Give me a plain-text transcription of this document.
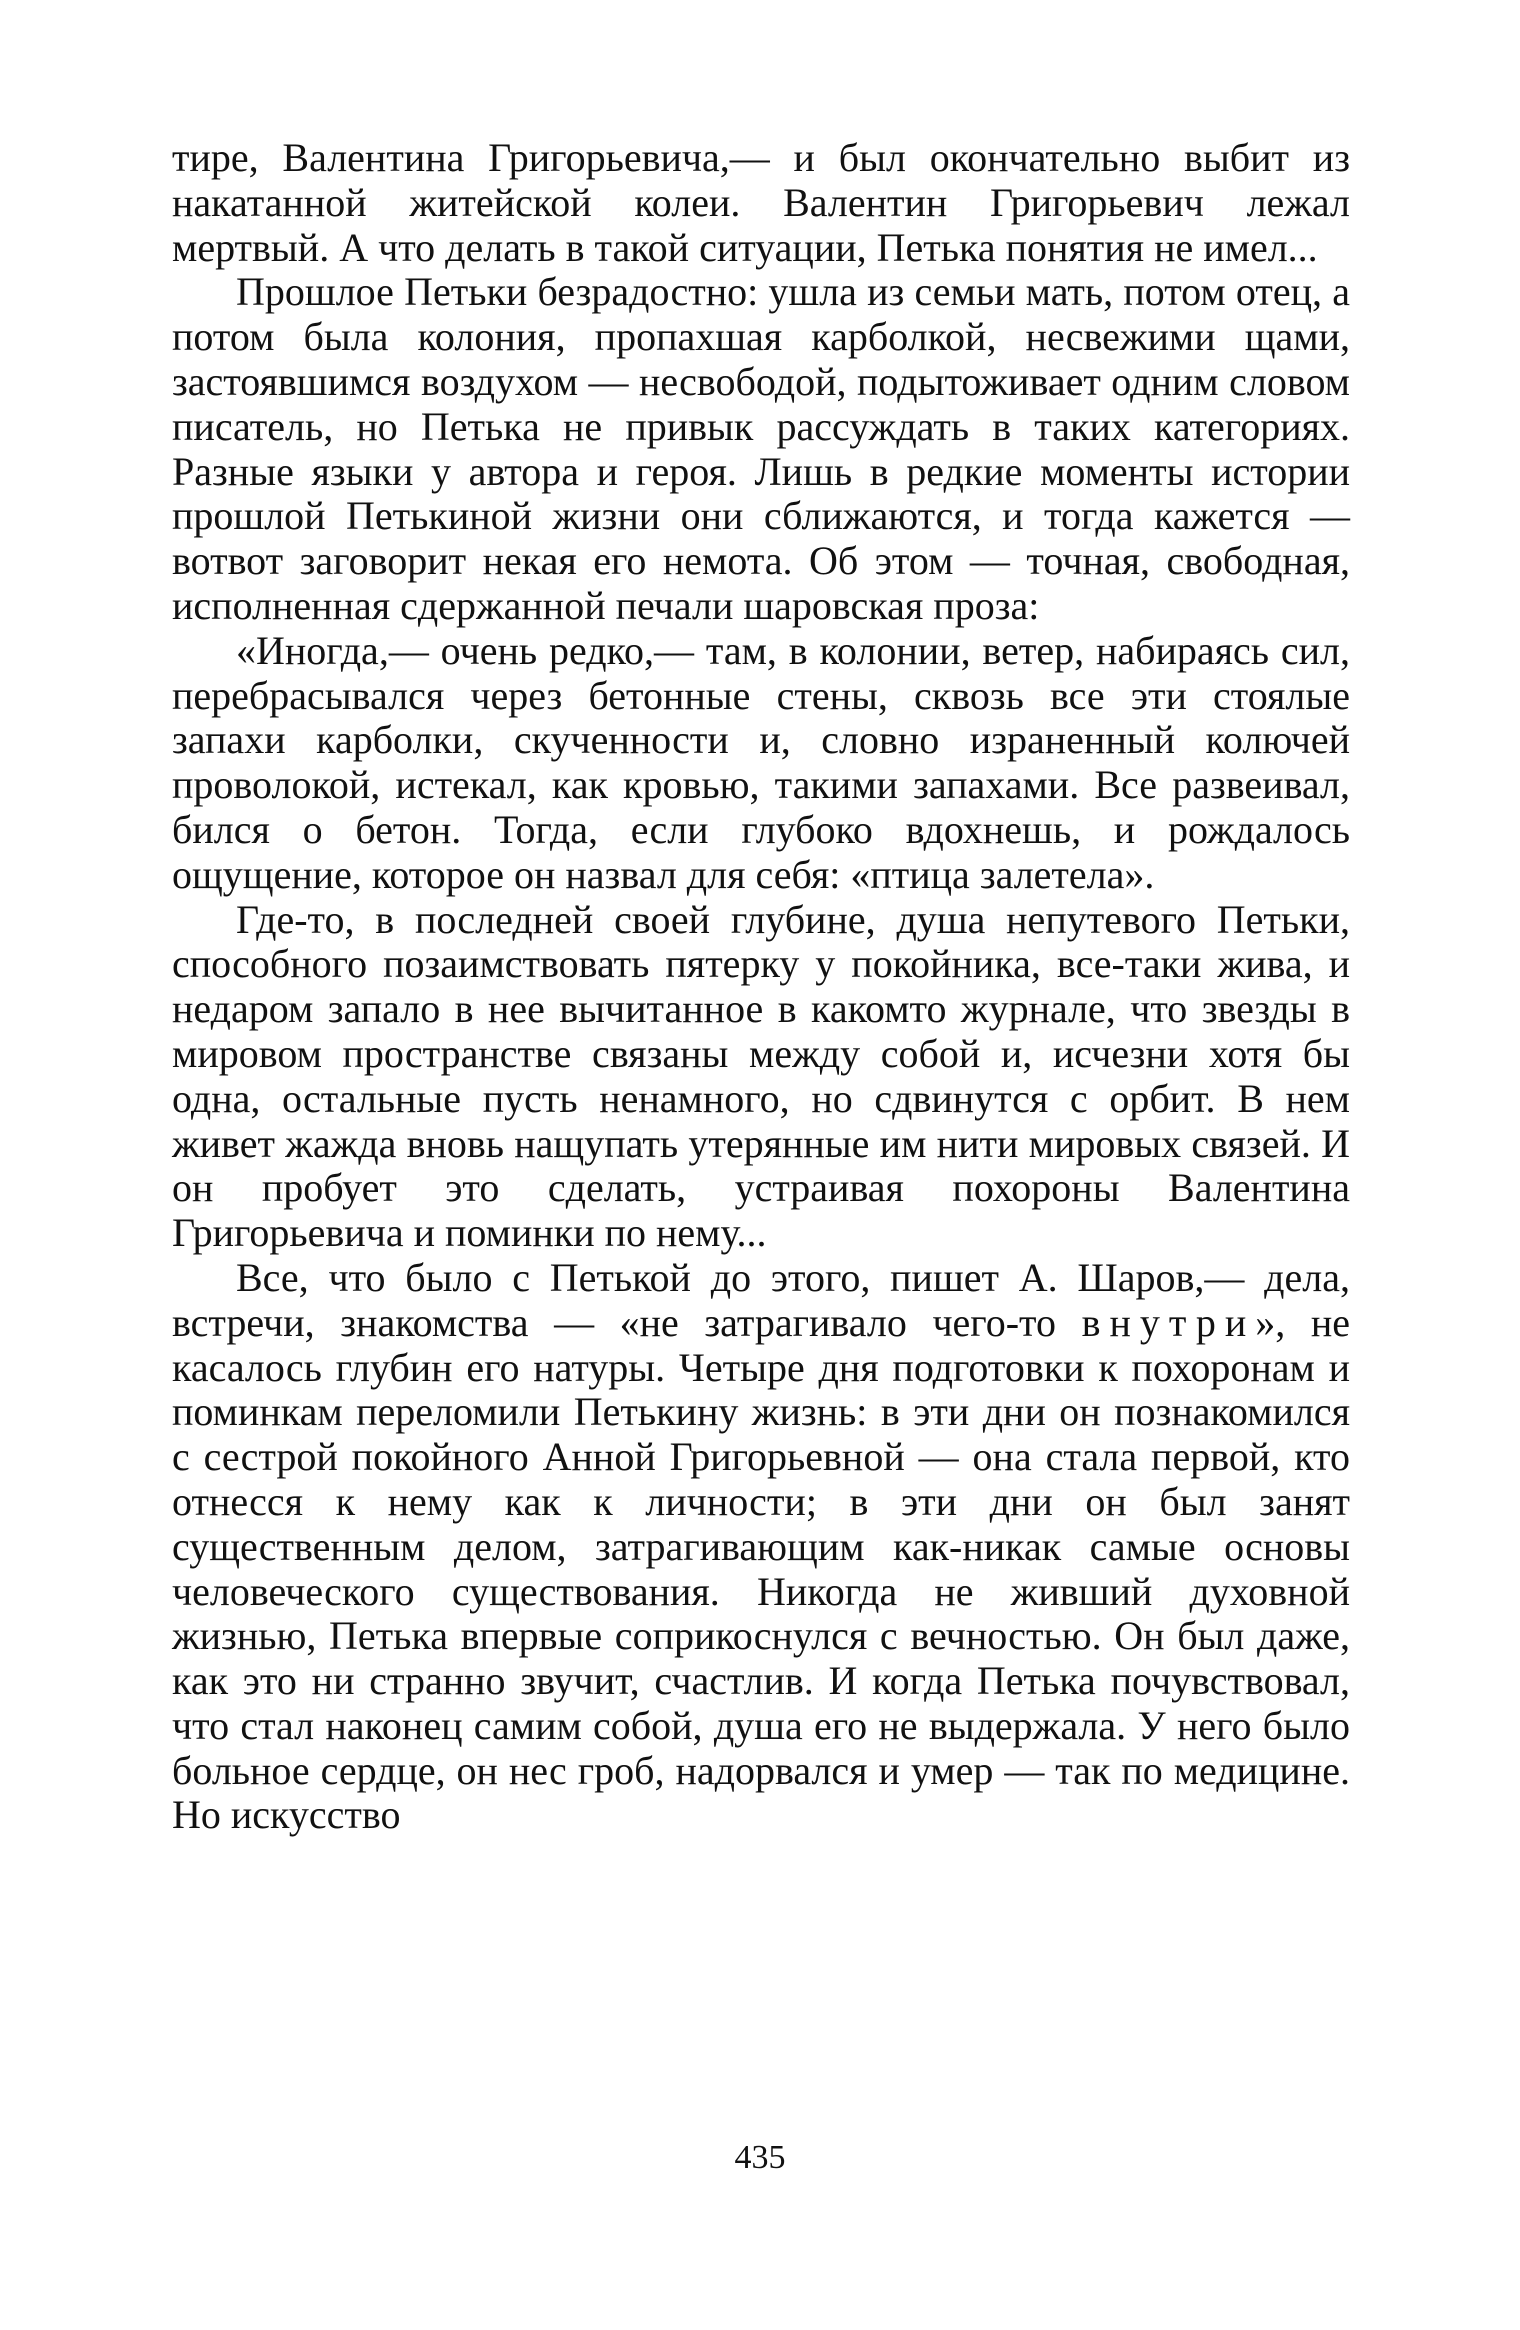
тире, Валентина Григорьевича,— и был окончательно выбит из накатанной житейской колеи. Валентин Григорьевич лежал мертвый. А что делать в такой ситуации, Петька понятия не имел...

Прошлое Петьки безрадостно: ушла из семьи мать, потом отец, а потом была колония, пропахшая карболкой, несвежими щами, застоявшимся воздухом — несвободой, подытоживает одним словом писатель, но Петька не привык рассуждать в таких категориях. Разные языки у автора и героя. Лишь в редкие моменты истории прошлой Петькиной жизни они сближаются, и тогда кажется — вотвот заговорит некая его немота. Об этом — точная, свободная, исполненная сдержанной печали шаровская проза:

«Иногда,— очень редко,— там, в колонии, ветер, набираясь сил, перебрасывался через бетонные стены, сквозь все эти стоялые запахи карболки, скученности и, словно израненный колючей проволокой, истекал, как кровью, такими запахами. Все развеивал, бился о бетон. Тогда, если глубоко вдохнешь, и рождалось ощущение, которое он назвал для себя: «птица залетела».

Где-то, в последней своей глубине, душа непутевого Петьки, способного позаимствовать пятерку у покойника, все-таки жива, и недаром запало в нее вычитанное в какомто журнале, что звезды в мировом пространстве связаны между собой и, исчезни хотя бы одна, остальные пусть ненамного, но сдвинутся с орбит. В нем живет жажда вновь нащупать утерянные им нити мировых связей. И он пробует это сделать, устраивая похороны Валентина Григорьевича и поминки по нему...

Все, что было с Петькой до этого, пишет А. Шаров,— дела, встречи, знакомства — «не затрагивало чего-то внутри», не касалось глубин его натуры. Четыре дня подготовки к похоронам и поминкам переломили Петькину жизнь: в эти дни он познакомился с сестрой покойного Анной Григорьевной — она стала первой, кто отнесся к нему как к личности; в эти дни он был занят существенным делом, затрагивающим как-никак самые основы человеческого существования. Никогда не живший духовной жизнью, Петька впервые соприкоснулся с вечностью. Он был даже, как это ни странно звучит, счастлив. И когда Петька почувствовал, что стал наконец самим собой, душа его не выдержала. У него было больное сердце, он нес гроб, надорвался и умер — так по медицине. Но искусство

435
